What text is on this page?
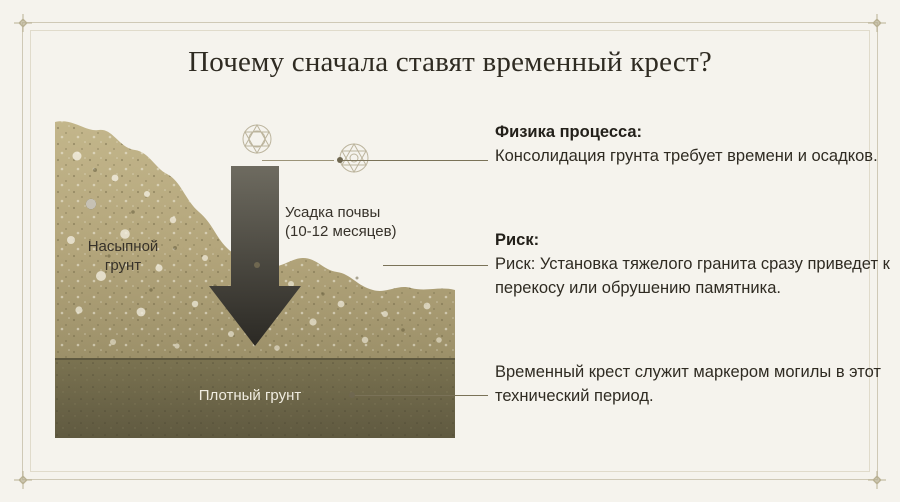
Почему сначала ставят временный крест?
Насыпной
грунт
Плотный грунт
Усадка почвы
(10-12 месяцев)
Физика процесса:
Консолидация грунта требует времени и осадков.
Риск:
Риск: Установка тяжелого гранита сразу приведет к перекосу или обрушению памятника.
Временный крест служит маркером могилы в этот технический период.
